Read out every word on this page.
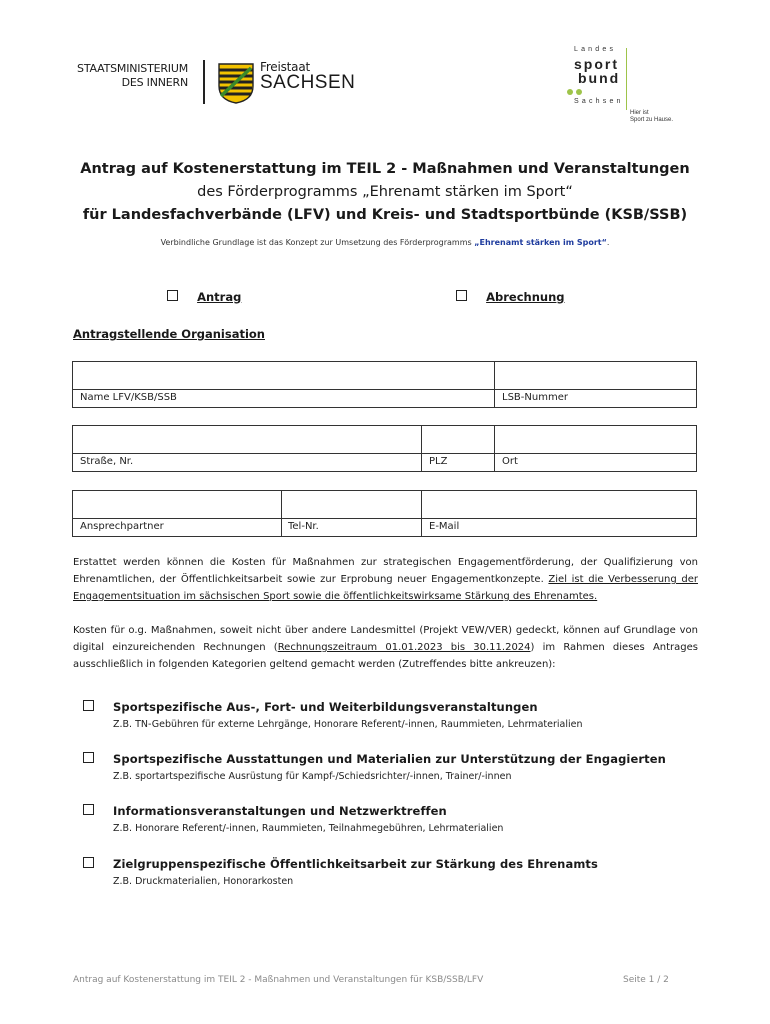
STAATSMINISTERIUM
DES INNERN
Freistaat
SACHSEN
Landes
sport
bund
Sachsen
Hier ist
Sport zu Hause.
Antrag auf Kostenerstattung im TEIL 2 - Maßnahmen und Veranstaltungen
des Förderprogramms „Ehrenamt stärken im Sport“
für Landesfachverbände (LFV) und Kreis- und Stadtsportbünde (KSB/SSB)
Verbindliche Grundlage ist das Konzept zur Umsetzung des Förderprogramms „Ehrenamt stärken im Sport“.
Antrag	Abrechnung
Antragstellende Organisation
Name LFV/KSB/SSB	LSB-Nummer
Straße, Nr.	PLZ	Ort
Ansprechpartner	Tel-Nr.	E-Mail
Erstattet werden können die Kosten für Maßnahmen zur strategischen Engagementförderung, der Qualifizierung von Ehrenamtlichen, der Öffentlichkeitsarbeit sowie zur Erprobung neuer Engagementkonzepte. Ziel ist die Verbesserung der Engagementsituation im sächsischen Sport sowie die öffentlichkeitswirksame Stärkung des Ehrenamtes.
Kosten für o.g. Maßnahmen, soweit nicht über andere Landesmittel (Projekt VEW/VER) gedeckt, können auf Grundlage von digital einzureichenden Rechnungen (Rechnungszeitraum 01.01.2023 bis 30.11.2024) im Rahmen dieses Antrages ausschließlich in folgenden Kategorien geltend gemacht werden (Zutreffendes bitte ankreuzen):
Sportspezifische Aus-, Fort- und Weiterbildungsveranstaltungen
Z.B. TN-Gebühren für externe Lehrgänge, Honorare Referent/-innen, Raummieten, Lehrmaterialien
Sportspezifische Ausstattungen und Materialien zur Unterstützung der Engagierten
Z.B. sportartspezifische Ausrüstung für Kampf-/Schiedsrichter/-innen, Trainer/-innen
Informationsveranstaltungen und Netzwerktreffen
Z.B. Honorare Referent/-innen, Raummieten, Teilnahmegebühren, Lehrmaterialien
Zielgruppenspezifische Öffentlichkeitsarbeit zur Stärkung des Ehrenamts
Z.B. Druckmaterialien, Honorarkosten
Antrag auf Kostenerstattung im TEIL 2 - Maßnahmen und Veranstaltungen für KSB/SSB/LFV	Seite 1 / 2
